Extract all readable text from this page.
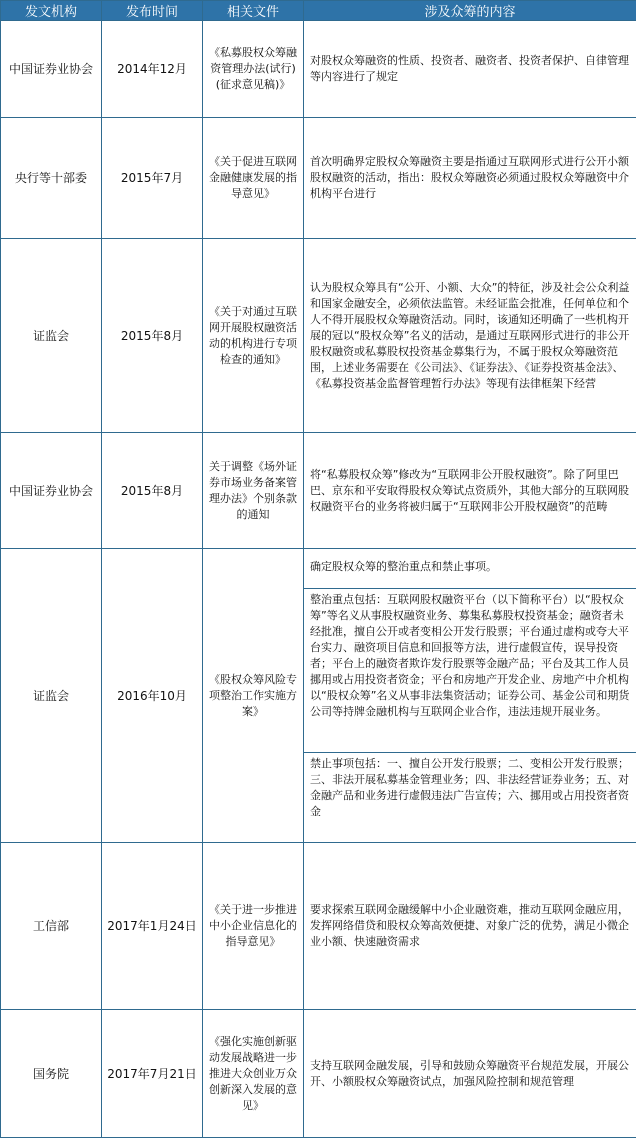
发文机构	发布时间	相关文件	涉及众筹的内容
中国证券业协会	2014年12月	《私募股权众筹融资管理办法(试行)(征求意见稿)》	对股权众筹融资的性质、投资者、融资者、投资者保护、自律管理等内容进行了规定
央行等十部委	2015年7月	《关于促进互联网金融健康发展的指导意见》	首次明确界定股权众筹融资主要是指通过互联网形式进行公开小额股权融资的活动，指出：股权众筹融资必须通过股权众筹融资中介机构平台进行
证监会	2015年8月	《关于对通过互联网开展股权融资活动的机构进行专项检查的通知》	认为股权众筹具有“公开、小额、大众”的特征，涉及社会公众利益和国家金融安全，必须依法监管。未经证监会批准，任何单位和个人不得开展股权众筹融资活动。同时，该通知还明确了一些机构开展的冠以“股权众筹”名义的活动，是通过互联网形式进行的非公开股权融资或私募股权投资基金募集行为，不属于股权众筹融资范围，上述业务需要在《公司法》、《证券法》、《证券投资基金法》、《私募投资基金监督管理暂行办法》等现有法律框架下经营
中国证券业协会	2015年8月	关于调整《场外证券市场业务备案管理办法》个别条款的通知	将“私募股权众筹”修改为“互联网非公开股权融资”。除了阿里巴巴、京东和平安取得股权众筹试点资质外，其他大部分的互联网股权融资平台的业务将被归属于“互联网非公开股权融资”的范畴
证监会	2016年10月	《股权众筹风险专项整治工作实施方案》	确定股权众筹的整治重点和禁止事项。
			整治重点包括：互联网股权融资平台（以下简称平台）以“股权众筹”等名义从事股权融资业务、募集私募股权投资基金；融资者未经批准，擅自公开或者变相公开发行股票；平台通过虚构或夸大平台实力、融资项目信息和回报等方法，进行虚假宣传，误导投资者；平台上的融资者欺诈发行股票等金融产品；平台及其工作人员挪用或占用投资者资金；平台和房地产开发企业、房地产中介机构以“股权众筹”名义从事非法集资活动；证券公司、基金公司和期货公司等持牌金融机构与互联网企业合作，违法违规开展业务。
			禁止事项包括：一、擅自公开发行股票；二、变相公开发行股票；三、非法开展私募基金管理业务；四、非法经营证券业务；五、对金融产品和业务进行虚假违法广告宣传；六、挪用或占用投资者资金
工信部	2017年1月24日	《关于进一步推进中小企业信息化的指导意见》	要求探索互联网金融缓解中小企业融资难，推动互联网金融应用，发挥网络借贷和股权众筹高效便捷、对象广泛的优势，满足小微企业小额、快速融资需求
国务院	2017年7月21日	《强化实施创新驱动发展战略进一步推进大众创业万众创新深入发展的意见》	支持互联网金融发展，引导和鼓励众筹融资平台规范发展，开展公开、小额股权众筹融资试点，加强风险控制和规范管理
